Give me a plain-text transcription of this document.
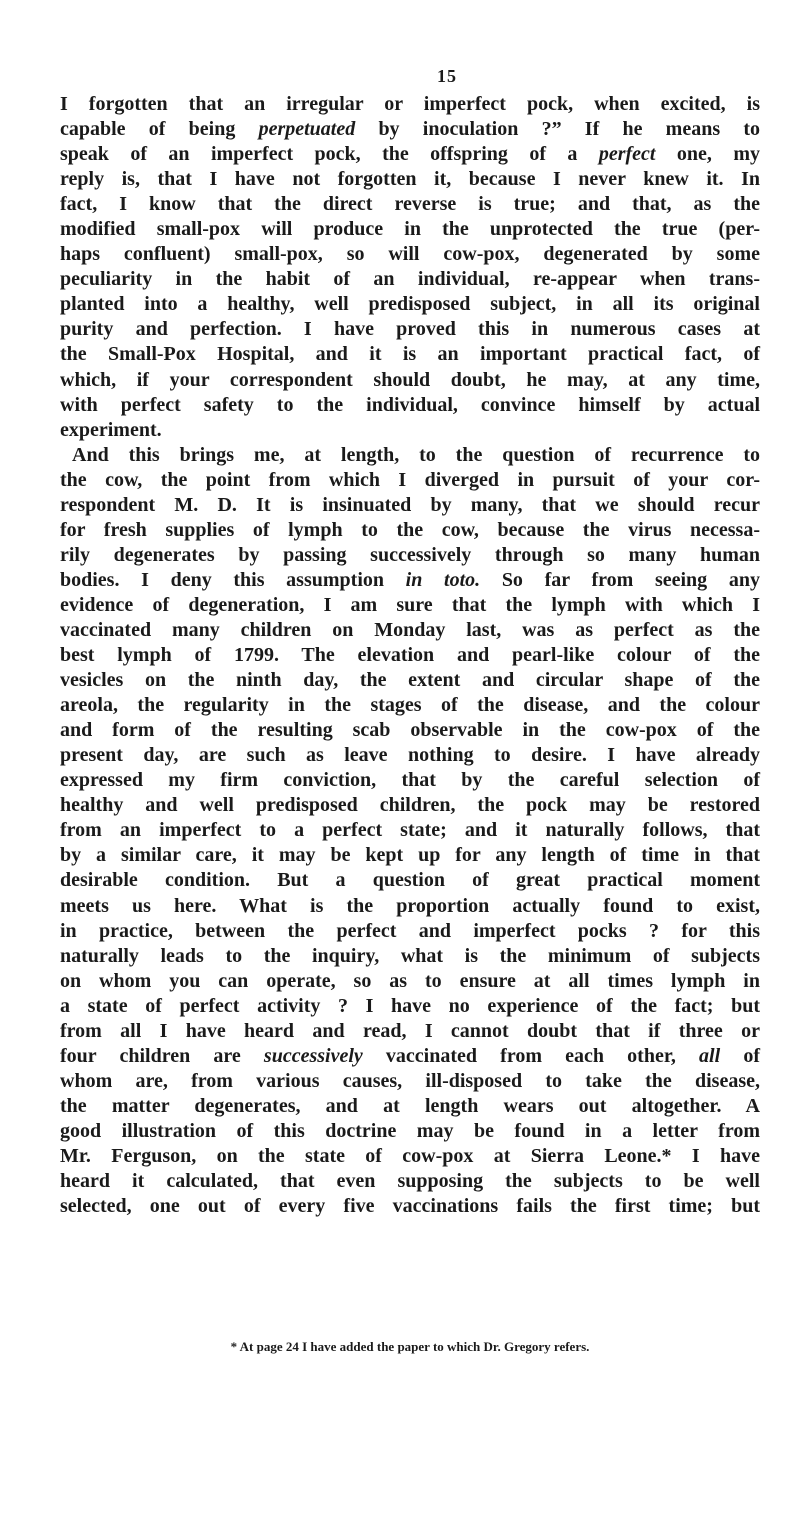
15
I forgotten that an irregular or imperfect pock, when excited, is
capable of being perpetuated by inoculation ?” If he means to
speak of an imperfect pock, the offspring of a perfect one, my
reply is, that I have not forgotten it, because I never knew it. In
fact, I know that the direct reverse is true; and that, as the
modified small-pox will produce in the unprotected the true (per-
haps confluent) small-pox, so will cow-pox, degenerated by some
peculiarity in the habit of an individual, re-appear when trans-
planted into a healthy, well predisposed subject, in all its original
purity and perfection. I have proved this in numerous cases at
the Small-Pox Hospital, and it is an important practical fact, of
which, if your correspondent should doubt, he may, at any time,
with perfect safety to the individual, convince himself by actual
experiment.
And this brings me, at length, to the question of recurrence to
the cow, the point from which I diverged in pursuit of your cor-
respondent M. D. It is insinuated by many, that we should recur
for fresh supplies of lymph to the cow, because the virus necessa-
rily degenerates by passing successively through so many human
bodies. I deny this assumption in toto. So far from seeing any
evidence of degeneration, I am sure that the lymph with which I
vaccinated many children on Monday last, was as perfect as the
best lymph of 1799. The elevation and pearl-like colour of the
vesicles on the ninth day, the extent and circular shape of the
areola, the regularity in the stages of the disease, and the colour
and form of the resulting scab observable in the cow-pox of the
present day, are such as leave nothing to desire. I have already
expressed my firm conviction, that by the careful selection of
healthy and well predisposed children, the pock may be restored
from an imperfect to a perfect state; and it naturally follows, that
by a similar care, it may be kept up for any length of time in that
desirable condition. But a question of great practical moment
meets us here. What is the proportion actually found to exist,
in practice, between the perfect and imperfect pocks ? for this
naturally leads to the inquiry, what is the minimum of subjects
on whom you can operate, so as to ensure at all times lymph in
a state of perfect activity ? I have no experience of the fact; but
from all I have heard and read, I cannot doubt that if three or
four children are successively vaccinated from each other, all of
whom are, from various causes, ill-disposed to take the disease,
the matter degenerates, and at length wears out altogether. A
good illustration of this doctrine may be found in a letter from
Mr. Ferguson, on the state of cow-pox at Sierra Leone.* I have
heard it calculated, that even supposing the subjects to be well
selected, one out of every five vaccinations fails the first time; but
* At page 24 I have added the paper to which Dr. Gregory refers.
